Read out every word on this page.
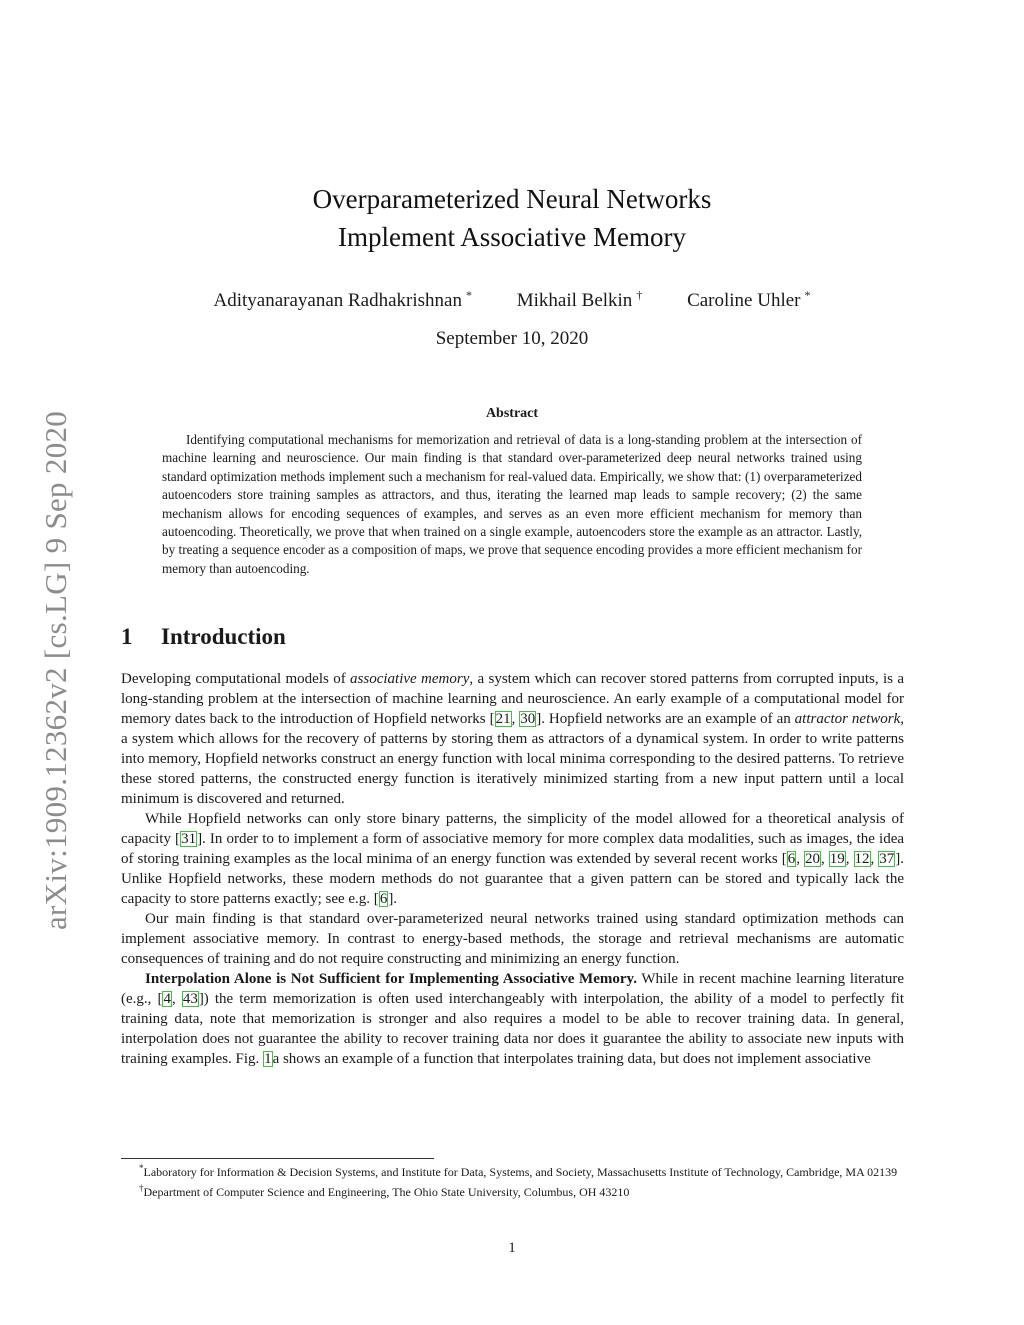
arXiv:1909.12362v2 [cs.LG] 9 Sep 2020
Overparameterized Neural Networks
Implement Associative Memory
Adityanarayanan Radhakrishnan * Mikhail Belkin † Caroline Uhler *
September 10, 2020
Abstract
Identifying computational mechanisms for memorization and retrieval of data is a long-standing problem at the intersection of machine learning and neuroscience. Our main finding is that standard over-parameterized deep neural networks trained using standard optimization methods implement such a mechanism for real-valued data. Empirically, we show that: (1) overparameterized autoencoders store training samples as attractors, and thus, iterating the learned map leads to sample recovery; (2) the same mechanism allows for encoding sequences of examples, and serves as an even more efficient mechanism for memory than autoencoding. Theoretically, we prove that when trained on a single example, autoencoders store the example as an attractor. Lastly, by treating a sequence encoder as a composition of maps, we prove that sequence encoding provides a more efficient mechanism for memory than autoencoding.
1 Introduction

Developing computational models of associative memory, a system which can recover stored patterns from corrupted inputs, is a long-standing problem at the intersection of machine learning and neuroscience. An early example of a computational model for memory dates back to the introduction of Hopfield networks [21, 30]. Hopfield networks are an example of an attractor network, a system which allows for the recovery of patterns by storing them as attractors of a dynamical system. In order to write patterns into memory, Hopfield networks construct an energy function with local minima corresponding to the desired patterns. To retrieve these stored patterns, the constructed energy function is iteratively minimized starting from a new input pattern until a local minimum is discovered and returned.

While Hopfield networks can only store binary patterns, the simplicity of the model allowed for a theoretical analysis of capacity [31]. In order to to implement a form of associative memory for more complex data modalities, such as images, the idea of storing training examples as the local minima of an energy function was extended by several recent works [6, 20, 19, 12, 37]. Unlike Hopfield networks, these modern methods do not guarantee that a given pattern can be stored and typically lack the capacity to store patterns exactly; see e.g. [6].

Our main finding is that standard over-parameterized neural networks trained using standard optimization methods can implement associative memory. In contrast to energy-based methods, the storage and retrieval mechanisms are automatic consequences of training and do not require constructing and minimizing an energy function.

Interpolation Alone is Not Sufficient for Implementing Associative Memory. While in recent machine learning literature (e.g., [4, 43]) the term memorization is often used interchangeably with interpolation, the ability of a model to perfectly fit training data, note that memorization is stronger and also requires a model to be able to recover training data. In general, interpolation does not guarantee the ability to recover training data nor does it guarantee the ability to associate new inputs with training examples. Fig. 1a shows an example of a function that interpolates training data, but does not implement associative

*Laboratory for Information & Decision Systems, and Institute for Data, Systems, and Society, Massachusetts Institute of Technology, Cambridge, MA 02139

†Department of Computer Science and Engineering, The Ohio State University, Columbus, OH 43210

1
